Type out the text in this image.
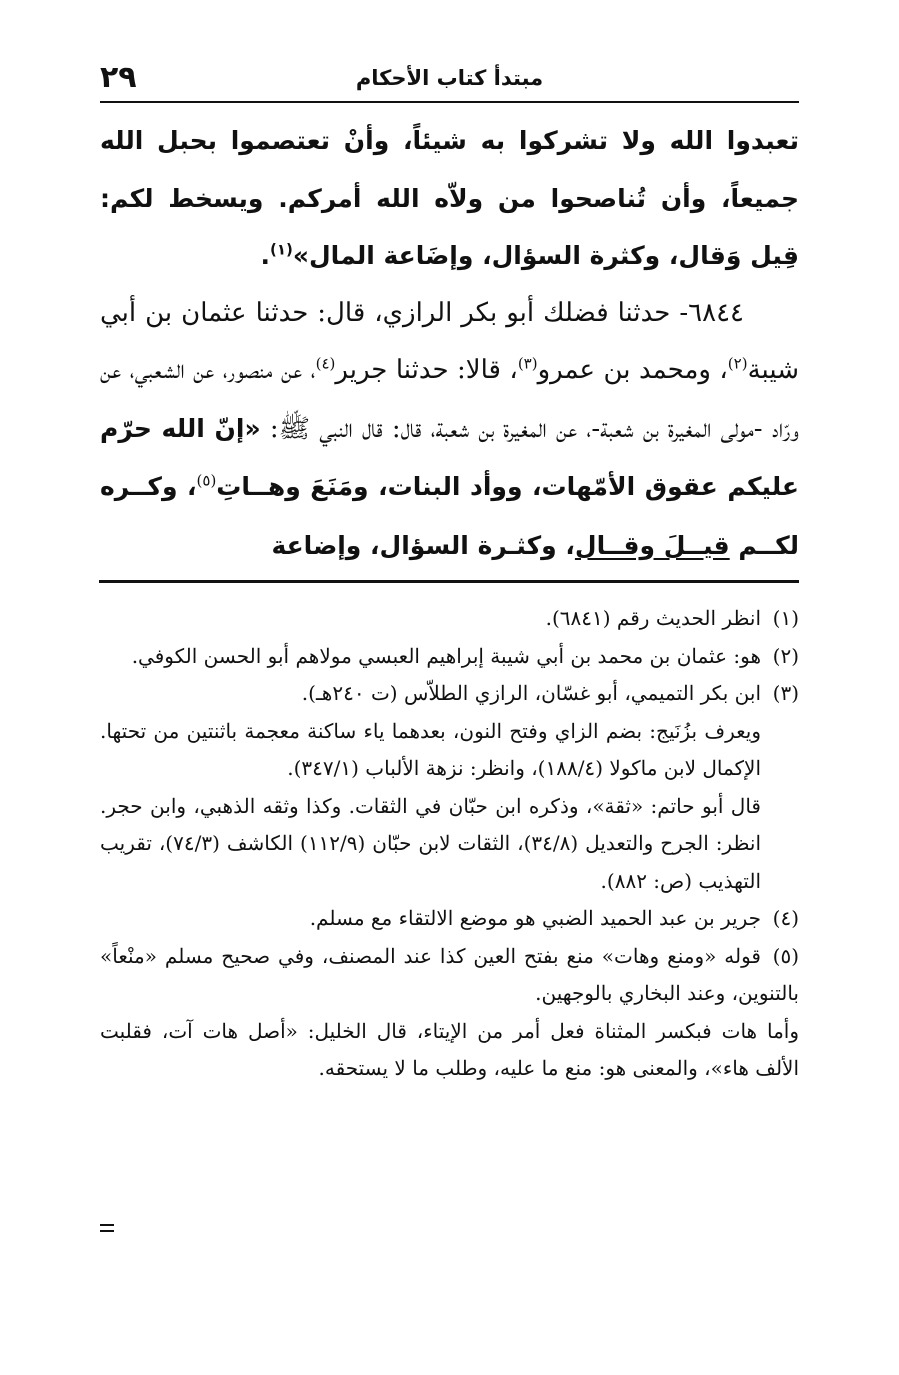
٢٩	مبتدأ كتاب الأحكام

تعبدوا الله ولا تشركوا به شيئاً، وأنْ تعتصموا بحبل الله جميعاً، وأن تُناصحوا من ولاّه الله أمركم. ويسخط لكم: قِيل وَقال، وكثرة السؤال، وإضَاعة المال»$^{(١)}$.

٦٨٤٤- حدثنا فضلك أبو بكر الرازي، قال: حدثنا عثمان بن أبي شيبة$^{(٢)}$، ومحمد بن عمرو$^{(٣)}$، قالا: حدثنا جرير$^{(٤)}$، عن منصور، عن الشعبي، عن ورّاد -مولى المغيرة بن شعبة-، عن المغيرة بن شعبة، قال: قال النبي ﷺ: «إنّ الله حرّم عليكم عقوق الأمّهات، ووأد البنات، ومَنَعَ وهــاتِ$^{(٥)}$، وكــره لكــم قيــلَ وقــال، وكثـرة السؤال، وإضاعة

(١)انظر الحديث رقم (٦٨٤١).

(٢)هو: عثمان بن محمد بن أبي شيبة إبراهيم العبسي مولاهم أبو الحسن الكوفي.

(٣)ابن بكر التميمي، أبو غسّان، الرازي الطلاّس (ت ٢٤٠هـ).

ويعرف بزُنَيج: بضم الزاي وفتح النون، بعدهما ياء ساكنة معجمة باثنتين من تحتها. الإكمال لابن ماكولا (١٨٨/٤)، وانظر: نزهة الألباب (٣٤٧/١).

قال أبو حاتم: «ثقة»، وذكره ابن حبّان في الثقات. وكذا وثقه الذهبي، وابن حجر. انظر: الجرح والتعديل (٣٤/٨)، الثقات لابن حبّان (١١٢/٩) الكاشف (٧٤/٣)، تقريب التهذيب (ص: ٨٨٢).

(٤)جرير بن عبد الحميد الضبي هو موضع الالتقاء مع مسلم.

(٥)قوله «ومنع وهات» منع بفتح العين كذا عند المصنف، وفي صحيح مسلم «منْعاً» بالتنوين، وعند البخاري بالوجهين.

وأما هات فبكسر المثناة فعل أمر من الإيتاء، قال الخليل: «أصل هات آت، فقلبت الألف هاء»، والمعنى هو: منع ما عليه، وطلب ما لا يستحقه.
